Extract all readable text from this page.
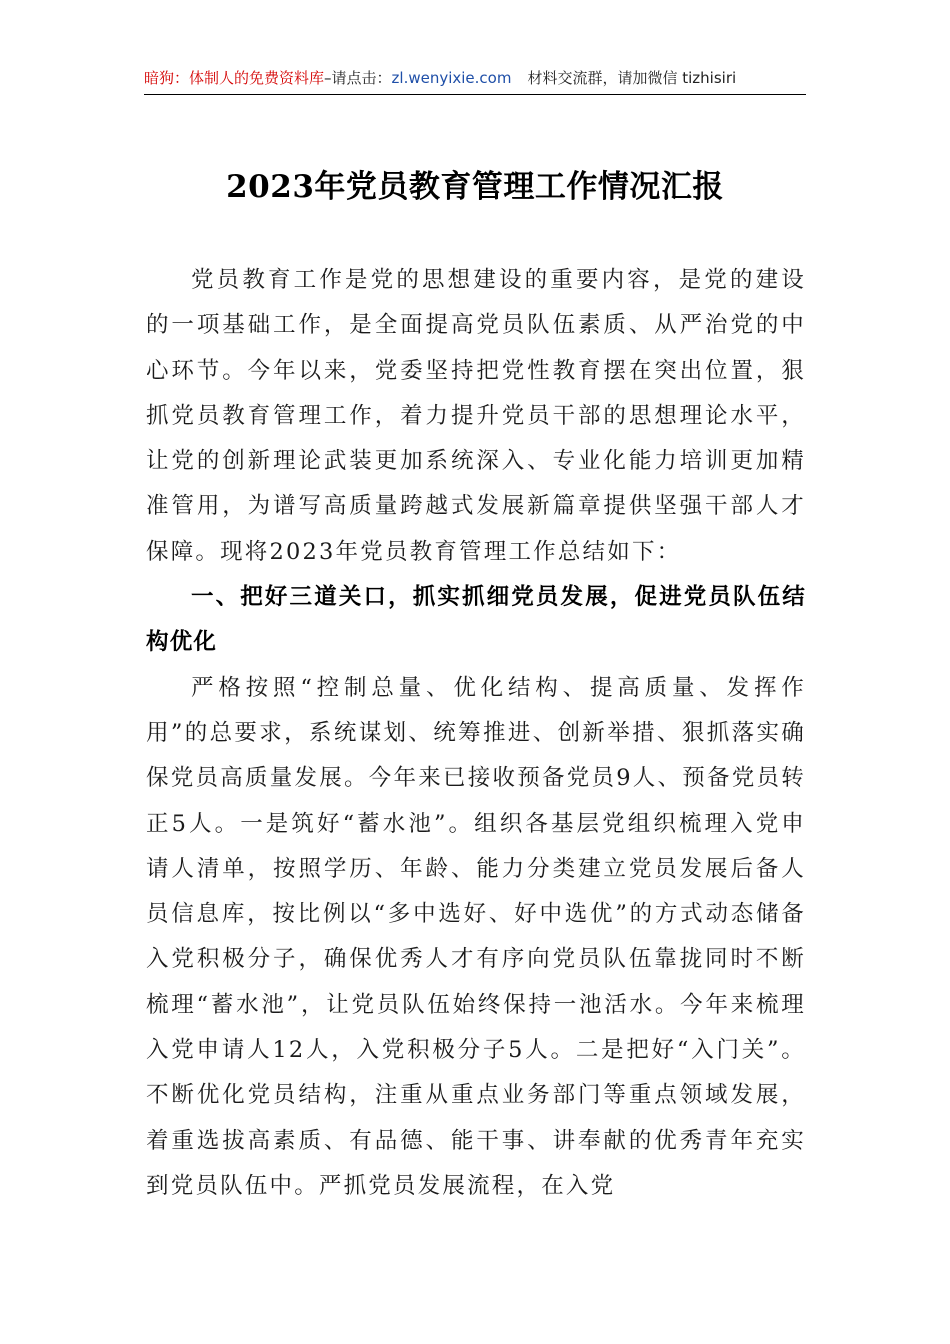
暗狗：体制人的免费资料库–请点击：zl.wenyixie.com 材料交流群，请加微信 tizhisiri
2023年党员教育管理工作情况汇报

党员教育工作是党的思想建设的重要内容，是党的建设的一项基础工作，是全面提高党员队伍素质、从严治党的中心环节。今年以来，党委坚持把党性教育摆在突出位置，狠抓党员教育管理工作，着力提升党员干部的思想理论水平，让党的创新理论武装更加系统深入、专业化能力培训更加精准管用，为谱写高质量跨越式发展新篇章提供坚强干部人才保障。现将2023年党员教育管理工作总结如下：

一、把好三道关口，抓实抓细党员发展，促进党员队伍结构优化

严格按照“控制总量、优化结构、提高质量、发挥作用”的总要求，系统谋划、统筹推进、创新举措、狠抓落实确保党员高质量发展。今年来已接收预备党员9人、预备党员转正5人。一是筑好“蓄水池”。组织各基层党组织梳理入党申请人清单，按照学历、年龄、能力分类建立党员发展后备人员信息库，按比例以“多中选好、好中选优”的方式动态储备入党积极分子，确保优秀人才有序向党员队伍靠拢同时不断梳理“蓄水池”，让党员队伍始终保持一池活水。今年来梳理入党申请人12人，入党积极分子5人。二是把好“入门关”。不断优化党员结构，注重从重点业务部门等重点领域发展，着重选拔高素质、有品德、能干事、讲奉献的优秀青年充实到党员队伍中。严抓党员发展流程，在入党
